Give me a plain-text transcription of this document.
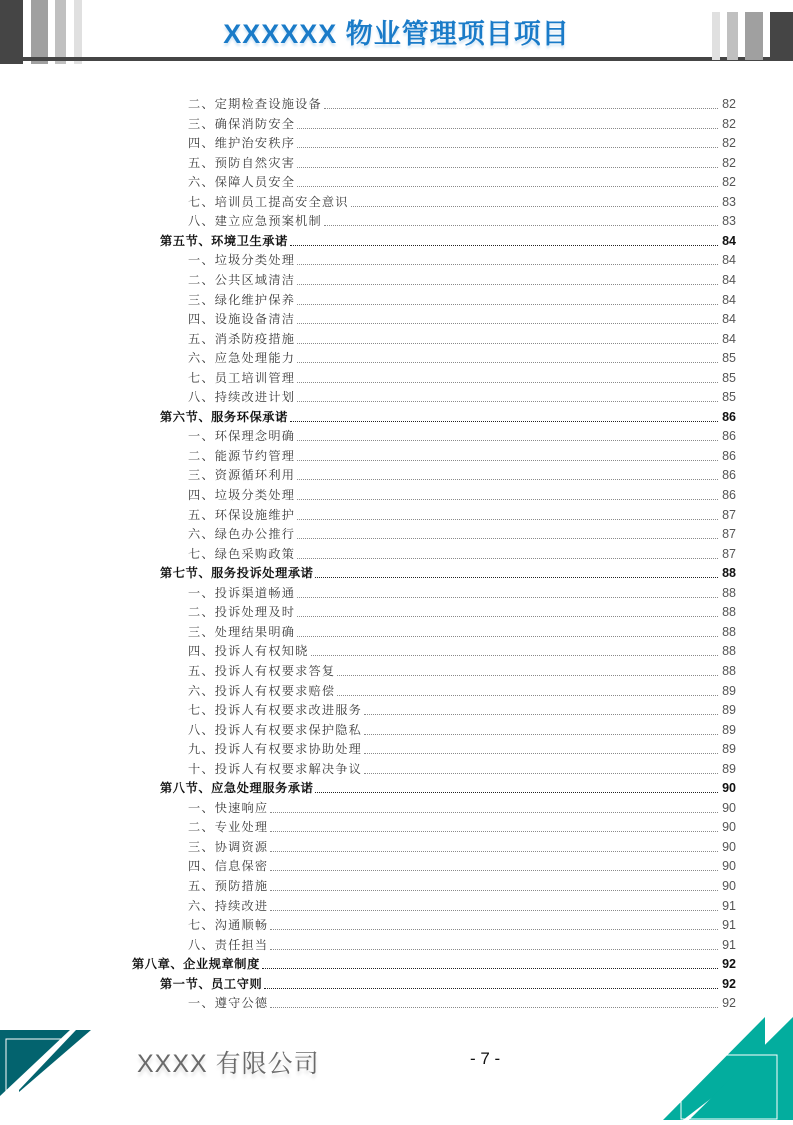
XXXXXX 物业管理项目项目
二、定期检查设施设备	82
三、确保消防安全	82
四、维护治安秩序	82
五、预防自然灾害	82
六、保障人员安全	82
七、培训员工提高安全意识	83
八、建立应急预案机制	83
第五节、环境卫生承诺	84
一、垃圾分类处理	84
二、公共区域清洁	84
三、绿化维护保养	84
四、设施设备清洁	84
五、消杀防疫措施	84
六、应急处理能力	85
七、员工培训管理	85
八、持续改进计划	85
第六节、服务环保承诺	86
一、环保理念明确	86
二、能源节约管理	86
三、资源循环利用	86
四、垃圾分类处理	86
五、环保设施维护	87
六、绿色办公推行	87
七、绿色采购政策	87
第七节、服务投诉处理承诺	88
一、投诉渠道畅通	88
二、投诉处理及时	88
三、处理结果明确	88
四、投诉人有权知晓	88
五、投诉人有权要求答复	88
六、投诉人有权要求赔偿	89
七、投诉人有权要求改进服务	89
八、投诉人有权要求保护隐私	89
九、投诉人有权要求协助处理	89
十、投诉人有权要求解决争议	89
第八节、应急处理服务承诺	90
一、快速响应	90
二、专业处理	90
三、协调资源	90
四、信息保密	90
五、预防措施	90
六、持续改进	91
七、沟通顺畅	91
八、责任担当	91
第八章、企业规章制度	92
第一节、员工守则	92
一、遵守公德	92
XXXX 有限公司	- 7 -
